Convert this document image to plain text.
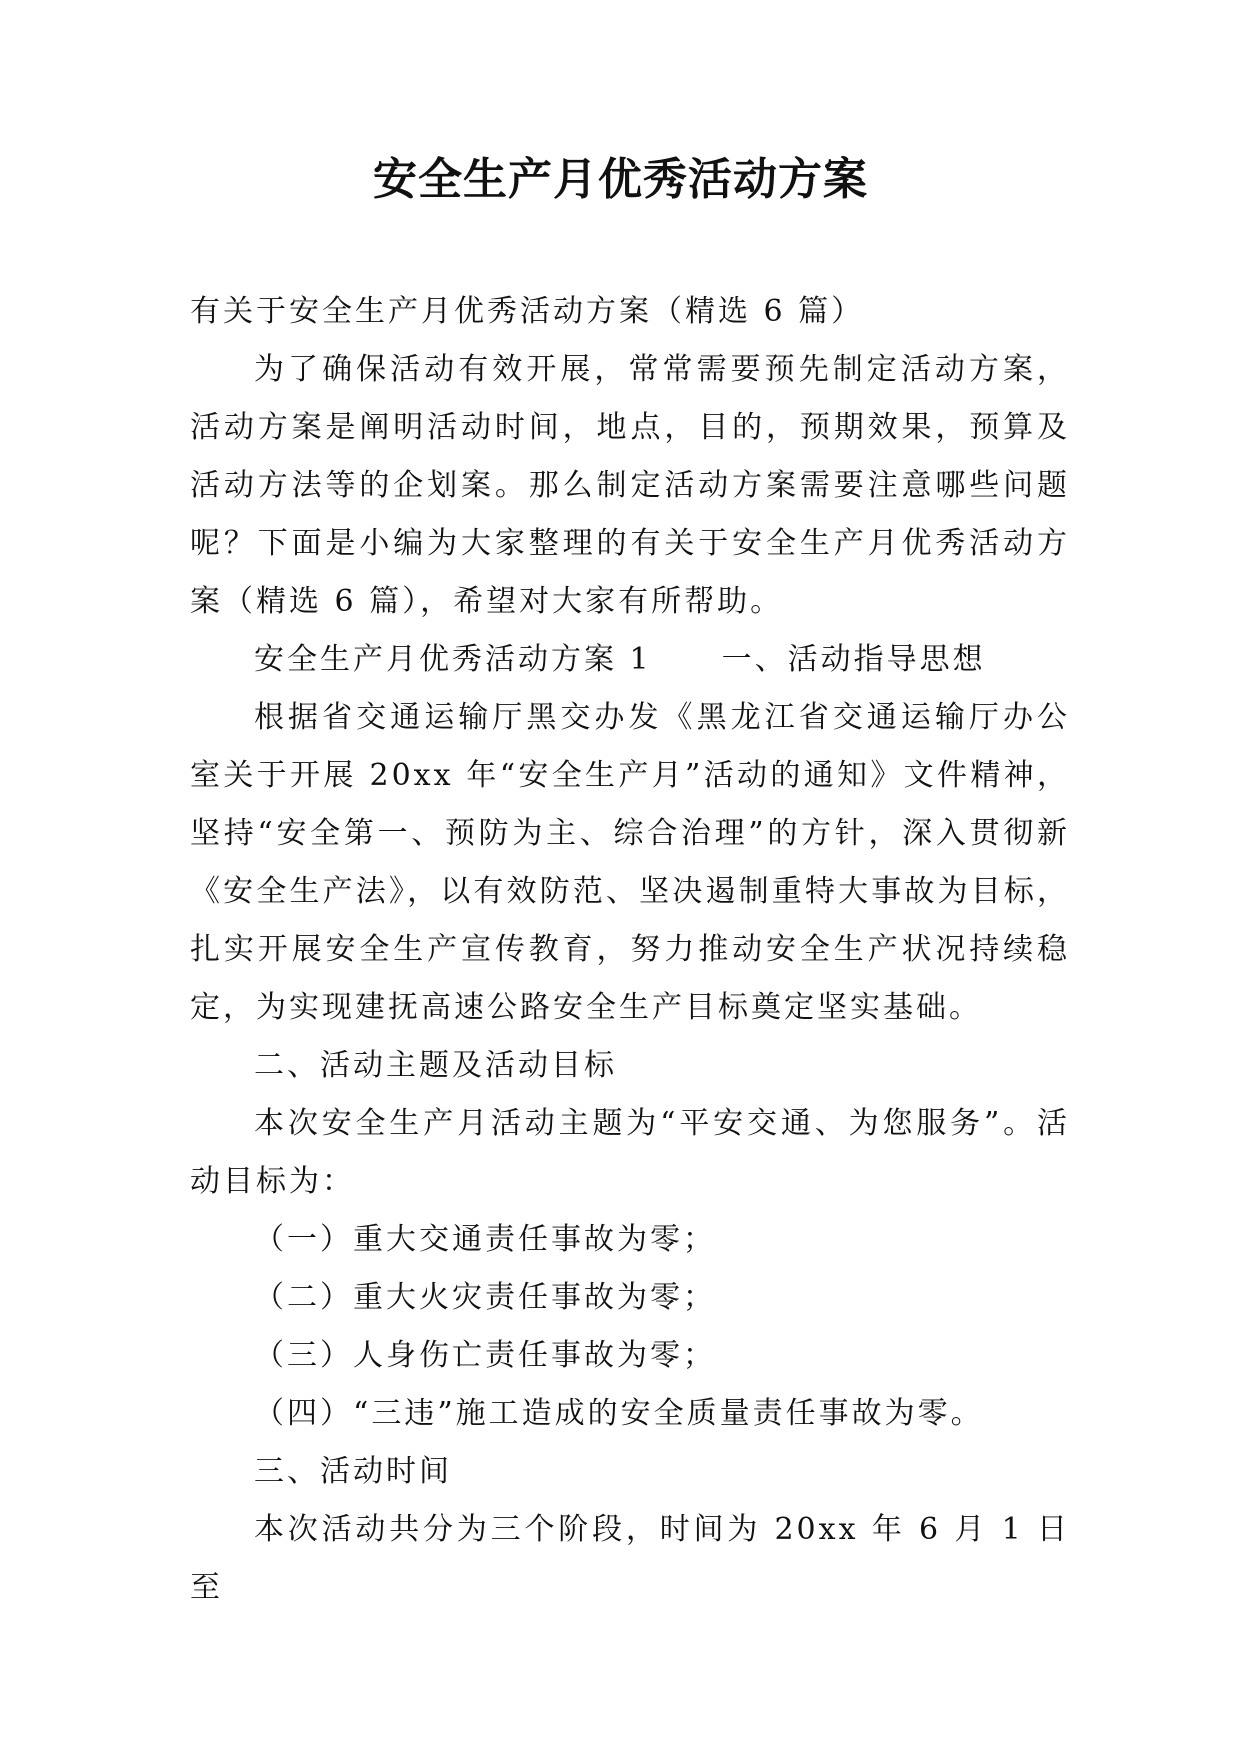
安全生产月优秀活动方案

有关于安全生产月优秀活动方案（精选 6 篇）

为了确保活动有效开展，常常需要预先制定活动方案，活动方案是阐明活动时间，地点，目的，预期效果，预算及活动方法等的企划案。那么制定活动方案需要注意哪些问题呢？下面是小编为大家整理的有关于安全生产月优秀活动方案（精选 6 篇），希望对大家有所帮助。

安全生产月优秀活动方案 1 一、活动指导思想

根据省交通运输厅黑交办发《黑龙江省交通运输厅办公室关于开展 20xx 年“安全生产月”活动的通知》文件精神，坚持“安全第一、预防为主、综合治理”的方针，深入贯彻新《安全生产法》，以有效防范、坚决遏制重特大事故为目标，扎实开展安全生产宣传教育，努力推动安全生产状况持续稳定，为实现建抚高速公路安全生产目标奠定坚实基础。

二、活动主题及活动目标

本次安全生产月活动主题为“平安交通、为您服务”。活动目标为：

（一）重大交通责任事故为零；

（二）重大火灾责任事故为零；

（三）人身伤亡责任事故为零；

（四）“三违”施工造成的安全质量责任事故为零。

三、活动时间

本次活动共分为三个阶段，时间为 20xx 年 6 月 1 日至
